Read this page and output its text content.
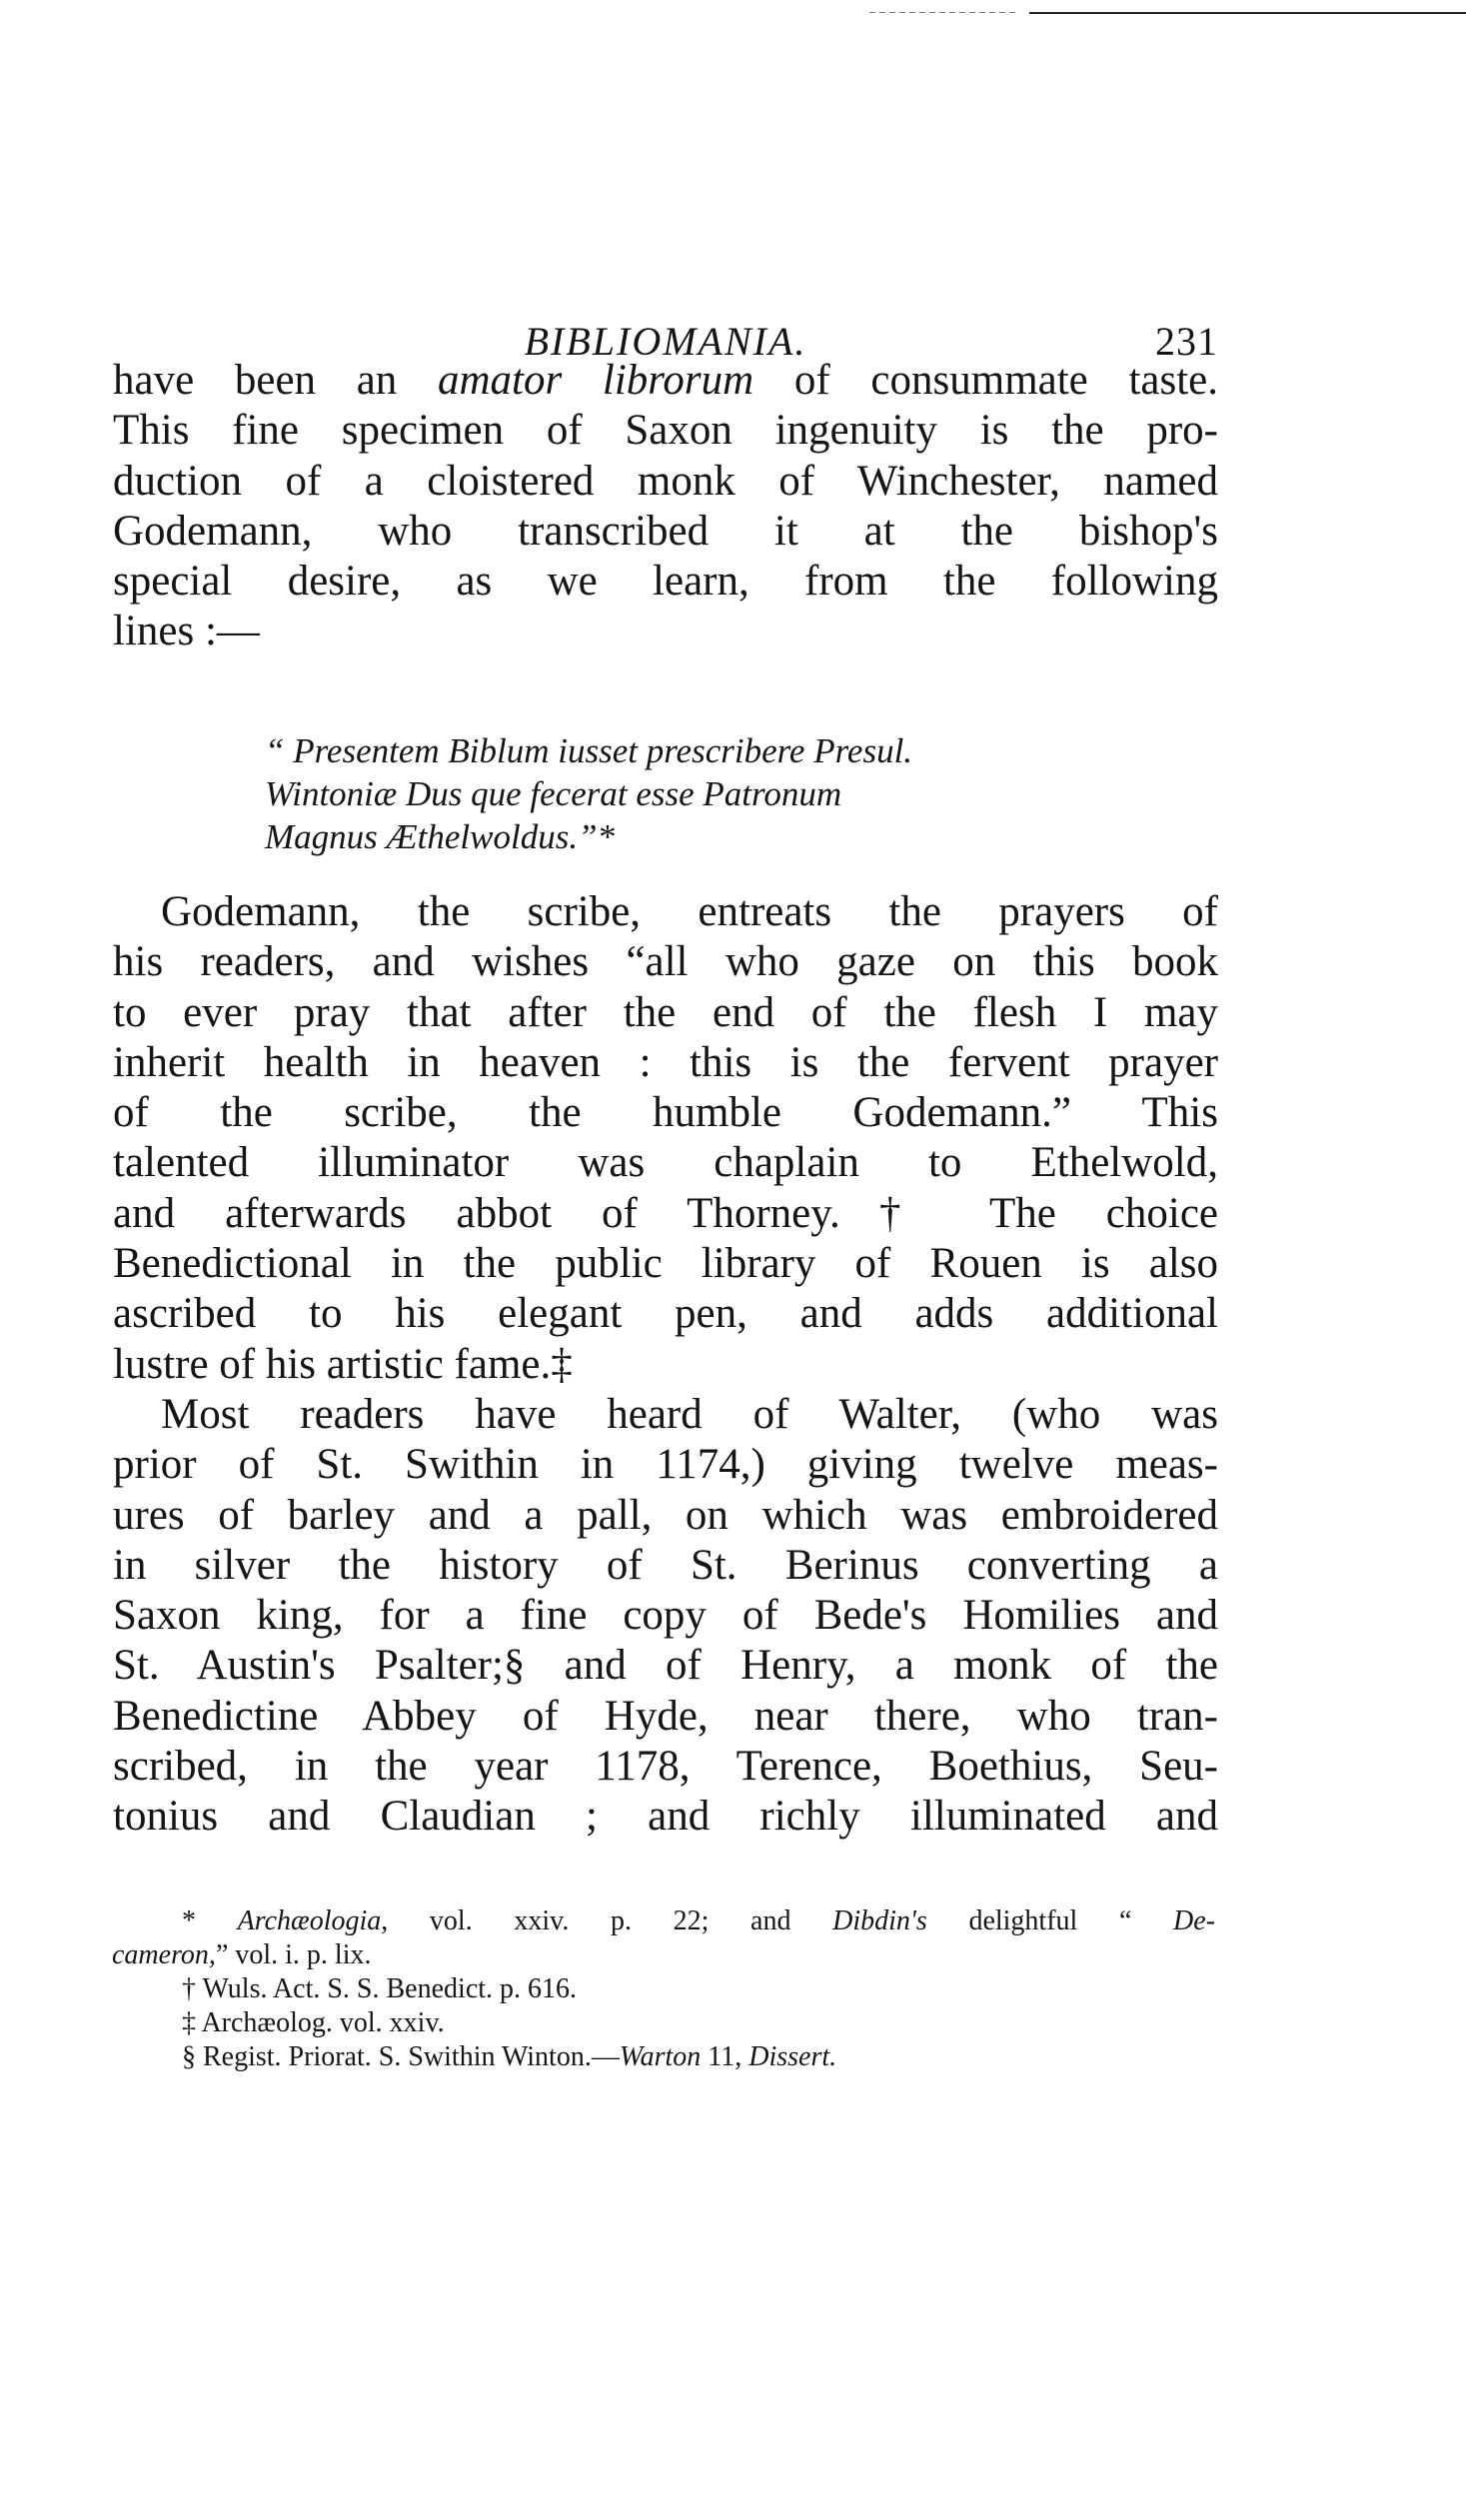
BIBLIOMANIA.	231
have been an amator librorum of consummate taste.
This fine specimen of Saxon ingenuity is the pro-
duction of a cloistered monk of Winchester, named
Godemann, who transcribed it at the bishop's
special desire, as we learn, from the following
lines :—
“ Presentem Biblum iusset prescribere Presul.
Wintoniæ Dus que fecerat esse Patronum
Magnus Æthelwoldus.”*
Godemann, the scribe, entreats the prayers of
his readers, and wishes “all who gaze on this book
to ever pray that after the end of the flesh I may
inherit health in heaven : this is the fervent prayer
of the scribe, the humble Godemann.” This
talented illuminator was chaplain to Ethelwold,
and afterwards abbot of Thorney.† The choice
Benedictional in the public library of Rouen is also
ascribed to his elegant pen, and adds additional
lustre of his artistic fame.‡
Most readers have heard of Walter, (who was
prior of St. Swithin in 1174,) giving twelve meas-
ures of barley and a pall, on which was embroidered
in silver the history of St. Berinus converting a
Saxon king, for a fine copy of Bede's Homilies and
St. Austin's Psalter;§ and of Henry, a monk of the
Benedictine Abbey of Hyde, near there, who tran-
scribed, in the year 1178, Terence, Boethius, Seu-
tonius and Claudian ; and richly illuminated and
* Archæologia, vol. xxiv. p. 22; and Dibdin's delightful “ De-
cameron,” vol. i. p. lix.
† Wuls. Act. S. S. Benedict. p. 616.
‡ Archæolog. vol. xxiv.
§ Regist. Priorat. S. Swithin Winton.—Warton 11, Dissert.
